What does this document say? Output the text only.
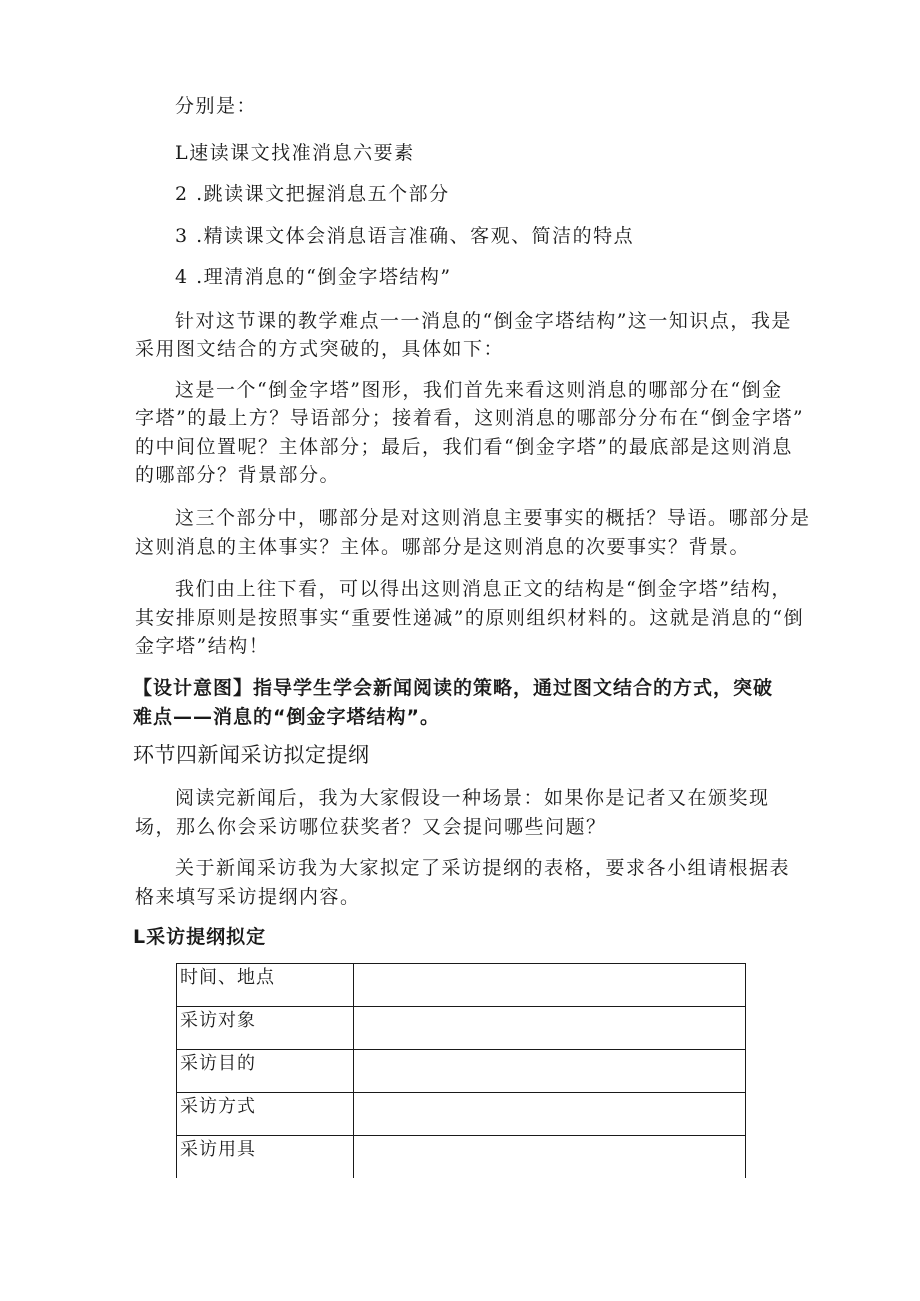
分别是：
L速读课文找准消息六要素
2 .跳读课文把握消息五个部分
3 .精读课文体会消息语言准确、客观、简洁的特点
4 .理清消息的“倒金字塔结构”
针对这节课的教学难点一一消息的“倒金字塔结构”这一知识点，我是
采用图文结合的方式突破的，具体如下：
这是一个“倒金字塔”图形，我们首先来看这则消息的哪部分在“倒金
字塔”的最上方？导语部分；接着看，这则消息的哪部分分布在“倒金字塔”
的中间位置呢？主体部分；最后，我们看“倒金字塔”的最底部是这则消息
的哪部分？背景部分。
这三个部分中，哪部分是对这则消息主要事实的概括？导语。哪部分是
这则消息的主体事实？主体。哪部分是这则消息的次要事实？背景。
我们由上往下看，可以得出这则消息正文的结构是“倒金字塔”结构，
其安排原则是按照事实“重要性递减”的原则组织材料的。这就是消息的“倒
金字塔”结构！
【设计意图】指导学生学会新闻阅读的策略，通过图文结合的方式，突破
难点——消息的“倒金字塔结构”。
环节四新闻采访拟定提纲
阅读完新闻后，我为大家假设一种场景：如果你是记者又在颁奖现
场，那么你会采访哪位获奖者？又会提问哪些问题？
关于新闻采访我为大家拟定了采访提纲的表格，要求各小组请根据表
格来填写采访提纲内容。
L采访提纲拟定
时间、地点	
采访对象	
采访目的	
采访方式	
采访用具	
